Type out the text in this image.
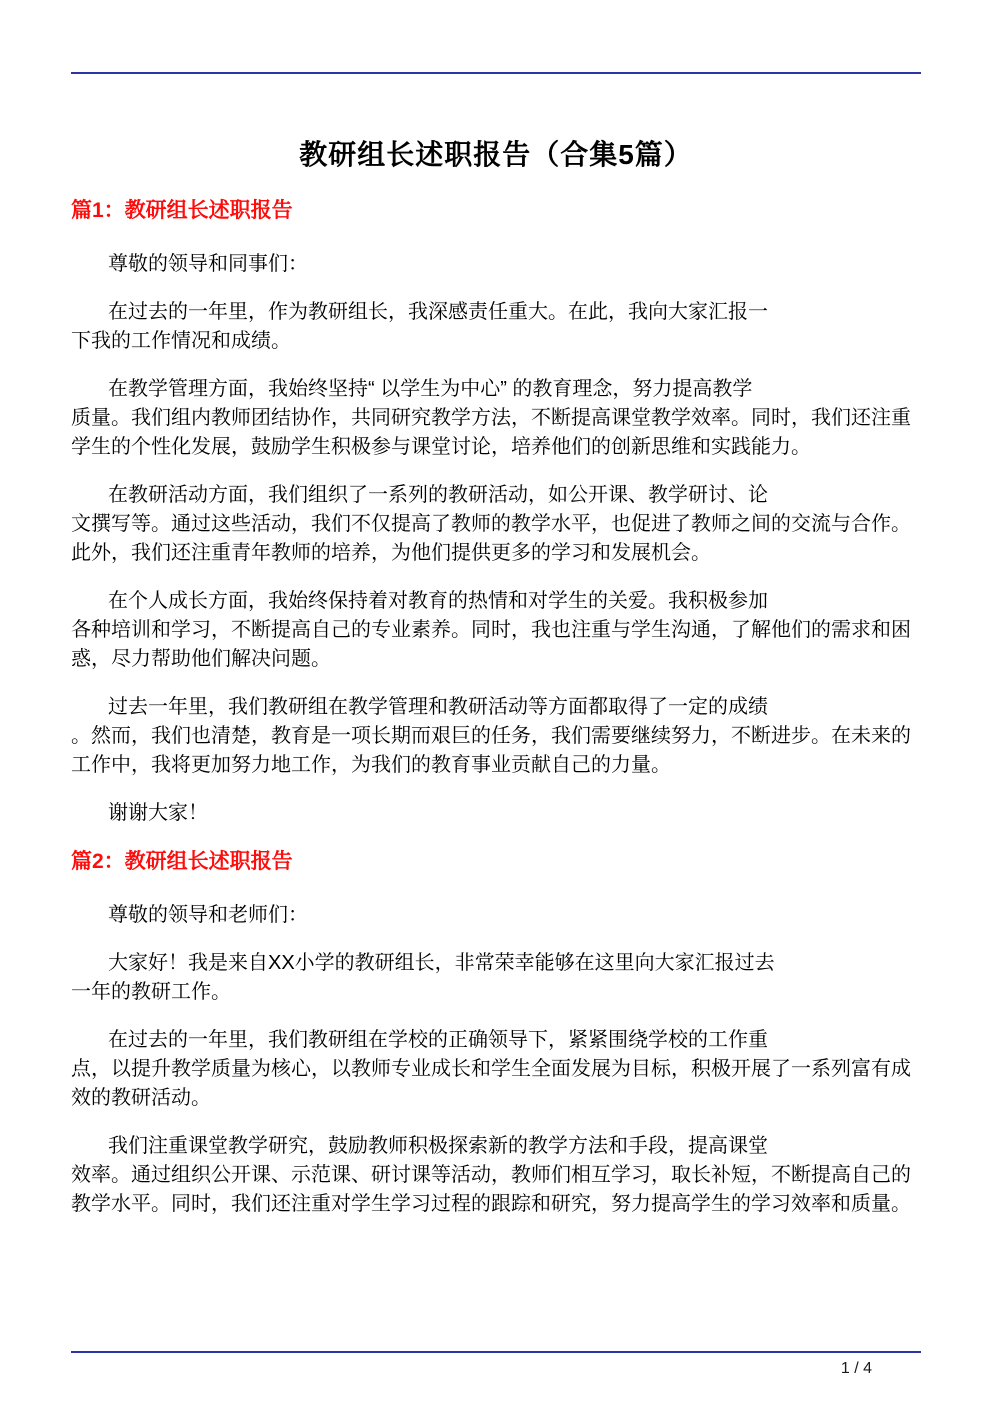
教研组长述职报告（合集5篇）
篇1：教研组长述职报告
尊敬的领导和同事们：
在过去的一年里，作为教研组长，我深感责任重大。在此，我向大家汇报一
下我的工作情况和成绩。
在教学管理方面，我始终坚持“ 以学生为中心” 的教育理念，努力提高教学
质量。我们组内教师团结协作，共同研究教学方法，不断提高课堂教学效率。同时，我们还注重
学生的个性化发展，鼓励学生积极参与课堂讨论，培养他们的创新思维和实践能力。
在教研活动方面，我们组织了一系列的教研活动，如公开课、教学研讨、论
文撰写等。通过这些活动，我们不仅提高了教师的教学水平，也促进了教师之间的交流与合作。
此外，我们还注重青年教师的培养，为他们提供更多的学习和发展机会。
在个人成长方面，我始终保持着对教育的热情和对学生的关爱。我积极参加
各种培训和学习，不断提高自己的专业素养。同时，我也注重与学生沟通，了解他们的需求和困
惑，尽力帮助他们解决问题。
过去一年里，我们教研组在教学管理和教研活动等方面都取得了一定的成绩
。然而，我们也清楚，教育是一项长期而艰巨的任务，我们需要继续努力，不断进步。在未来的
工作中，我将更加努力地工作，为我们的教育事业贡献自己的力量。
谢谢大家！
篇2：教研组长述职报告
尊敬的领导和老师们：
大家好！我是来自XX小学的教研组长，非常荣幸能够在这里向大家汇报过去
一年的教研工作。
在过去的一年里，我们教研组在学校的正确领导下，紧紧围绕学校的工作重
点，以提升教学质量为核心，以教师专业成长和学生全面发展为目标，积极开展了一系列富有成
效的教研活动。
我们注重课堂教学研究，鼓励教师积极探索新的教学方法和手段，提高课堂
效率。通过组织公开课、示范课、研讨课等活动，教师们相互学习，取长补短，不断提高自己的
教学水平。同时，我们还注重对学生学习过程的跟踪和研究，努力提高学生的学习效率和质量。
1 / 4
